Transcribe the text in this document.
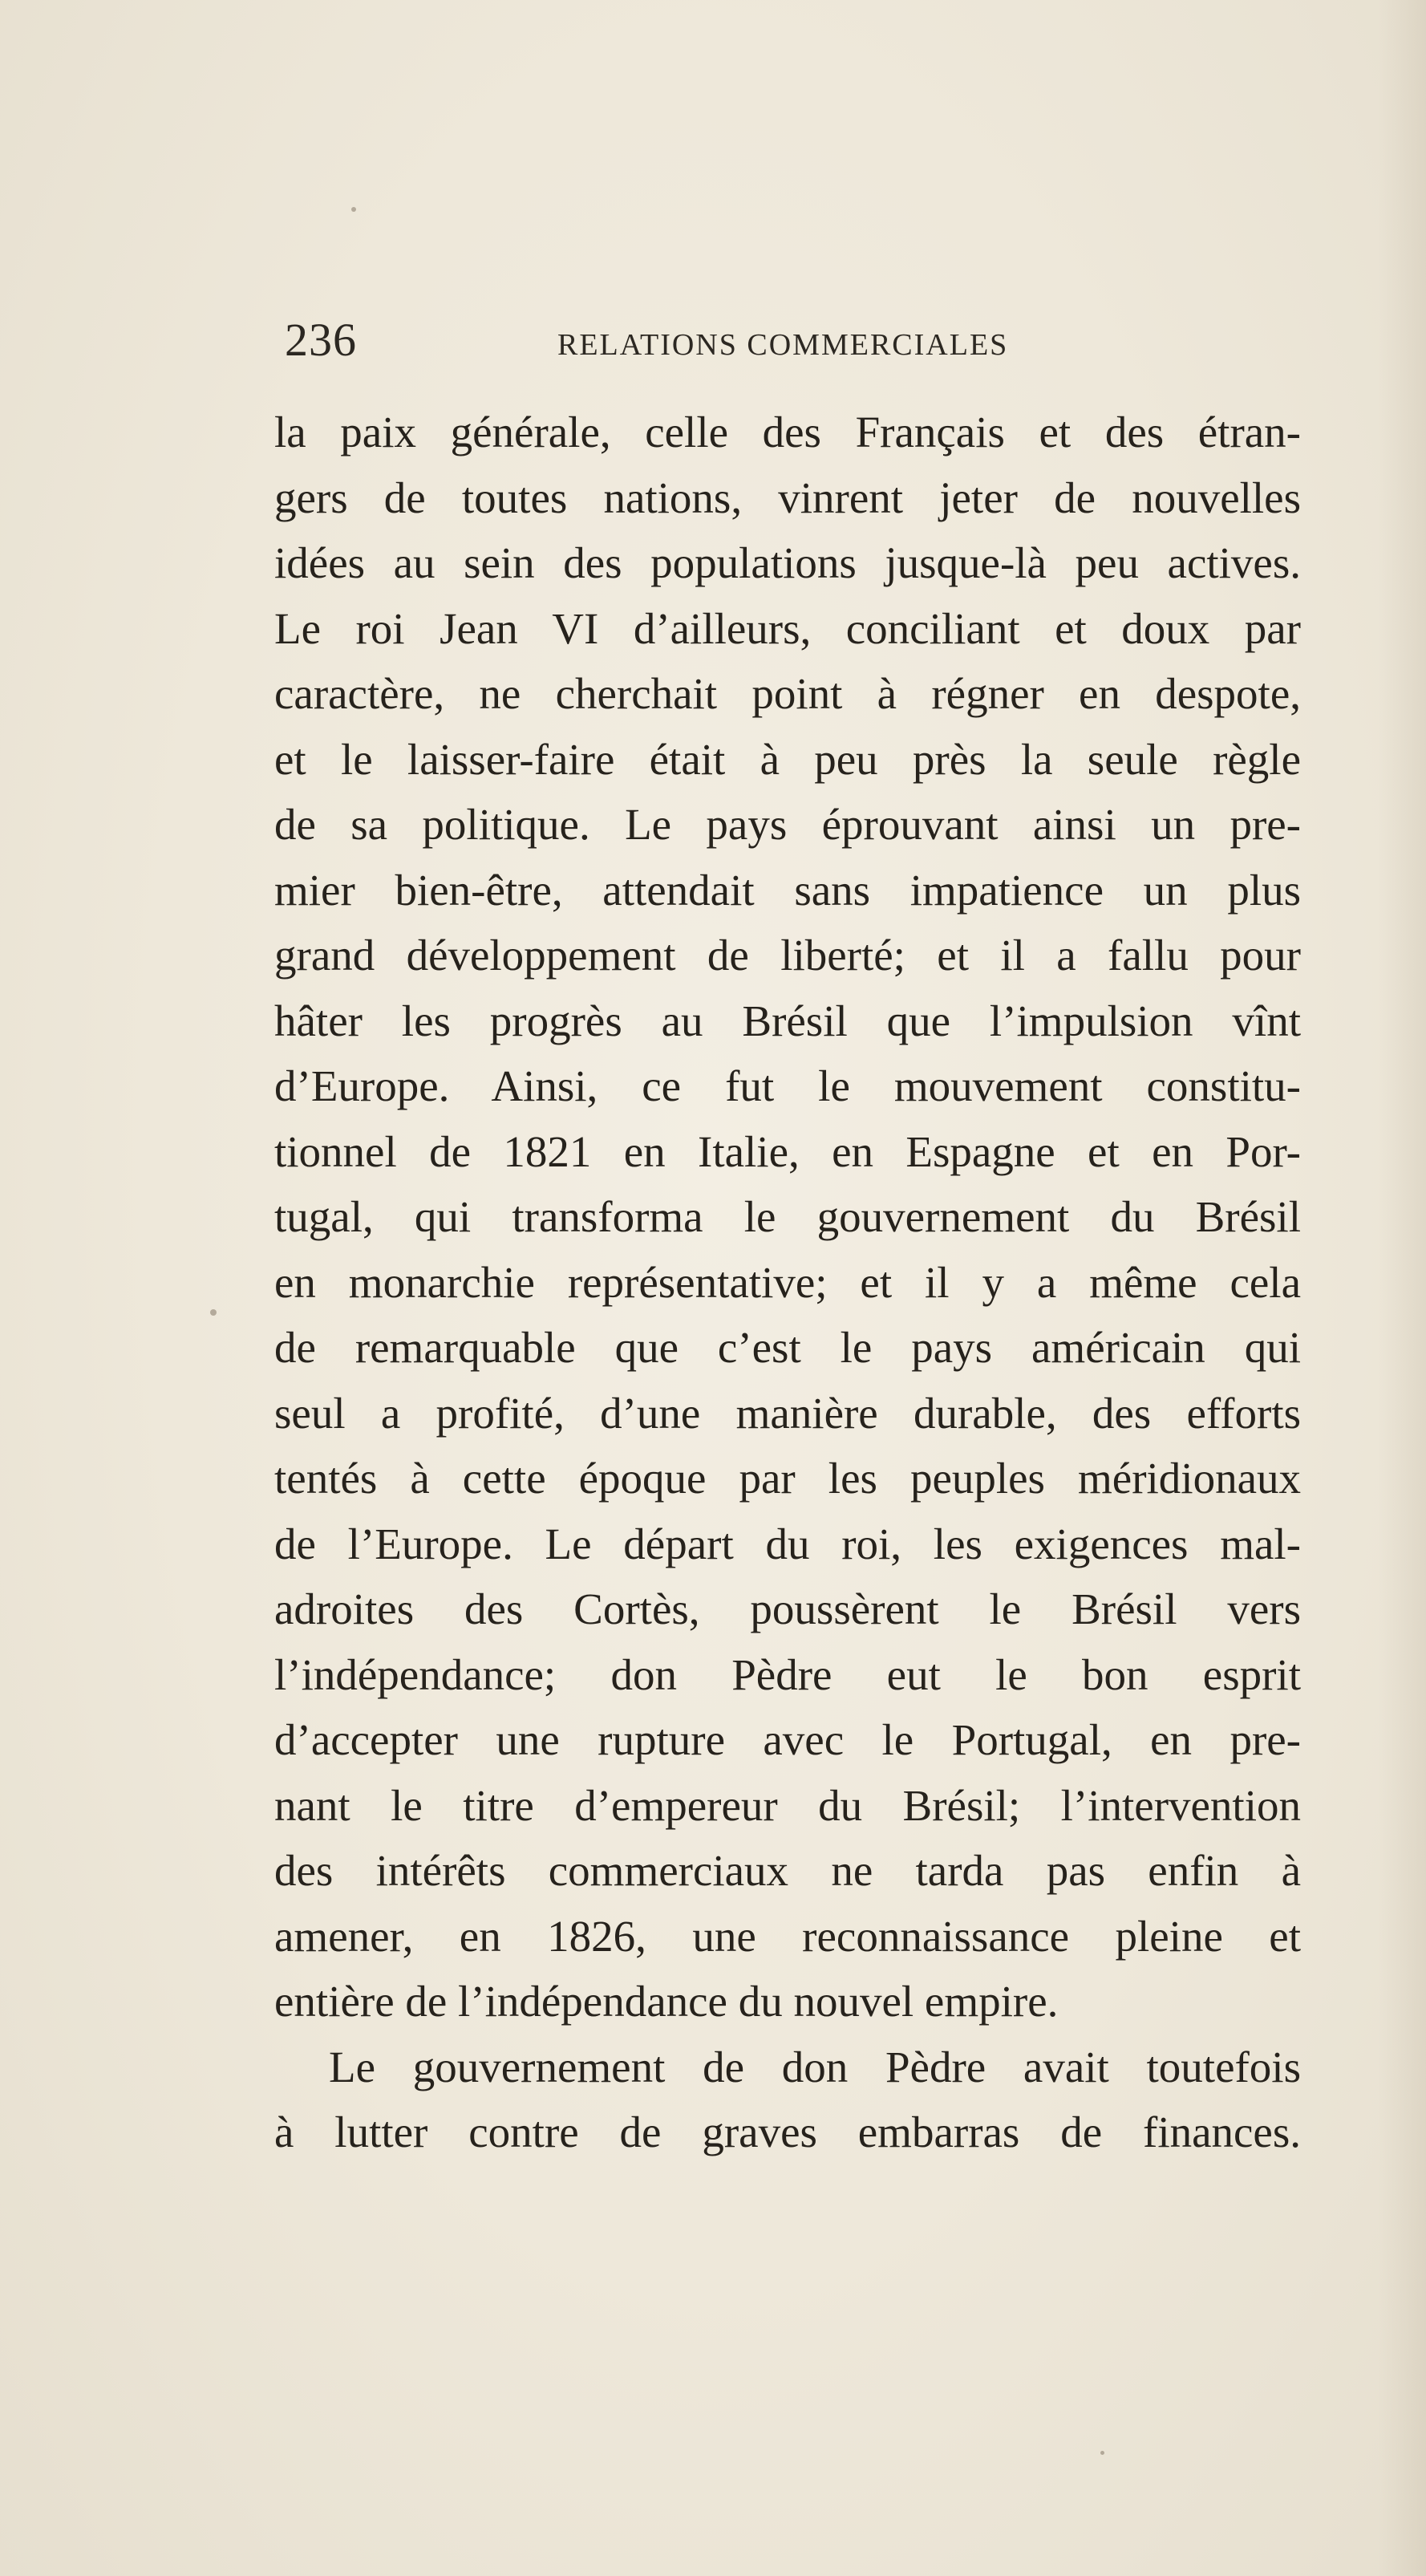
236	RELATIONS COMMERCIALES
la paix générale, celle des Français et des étran-
gers de toutes nations, vinrent jeter de nouvelles
idées au sein des populations jusque-là peu actives.
Le roi Jean VI d’ailleurs, conciliant et doux par
caractère, ne cherchait point à régner en despote,
et le laisser-faire était à peu près la seule règle
de sa politique. Le pays éprouvant ainsi un pre-
mier bien-être, attendait sans impatience un plus
grand développement de liberté; et il a fallu pour
hâter les progrès au Brésil que l’impulsion vînt
d’Europe. Ainsi, ce fut le mouvement constitu-
tionnel de 1821 en Italie, en Espagne et en Por-
tugal, qui transforma le gouvernement du Brésil
en monarchie représentative; et il y a même cela
de remarquable que c’est le pays américain qui
seul a profité, d’une manière durable, des efforts
tentés à cette époque par les peuples méridionaux
de l’Europe. Le départ du roi, les exigences mal-
adroites des Cortès, poussèrent le Brésil vers
l’indépendance; don Pèdre eut le bon esprit
d’accepter une rupture avec le Portugal, en pre-
nant le titre d’empereur du Brésil; l’intervention
des intérêts commerciaux ne tarda pas enfin à
amener, en 1826, une reconnaissance pleine et
entière de l’indépendance du nouvel empire.
Le gouvernement de don Pèdre avait toutefois
à lutter contre de graves embarras de finances.
